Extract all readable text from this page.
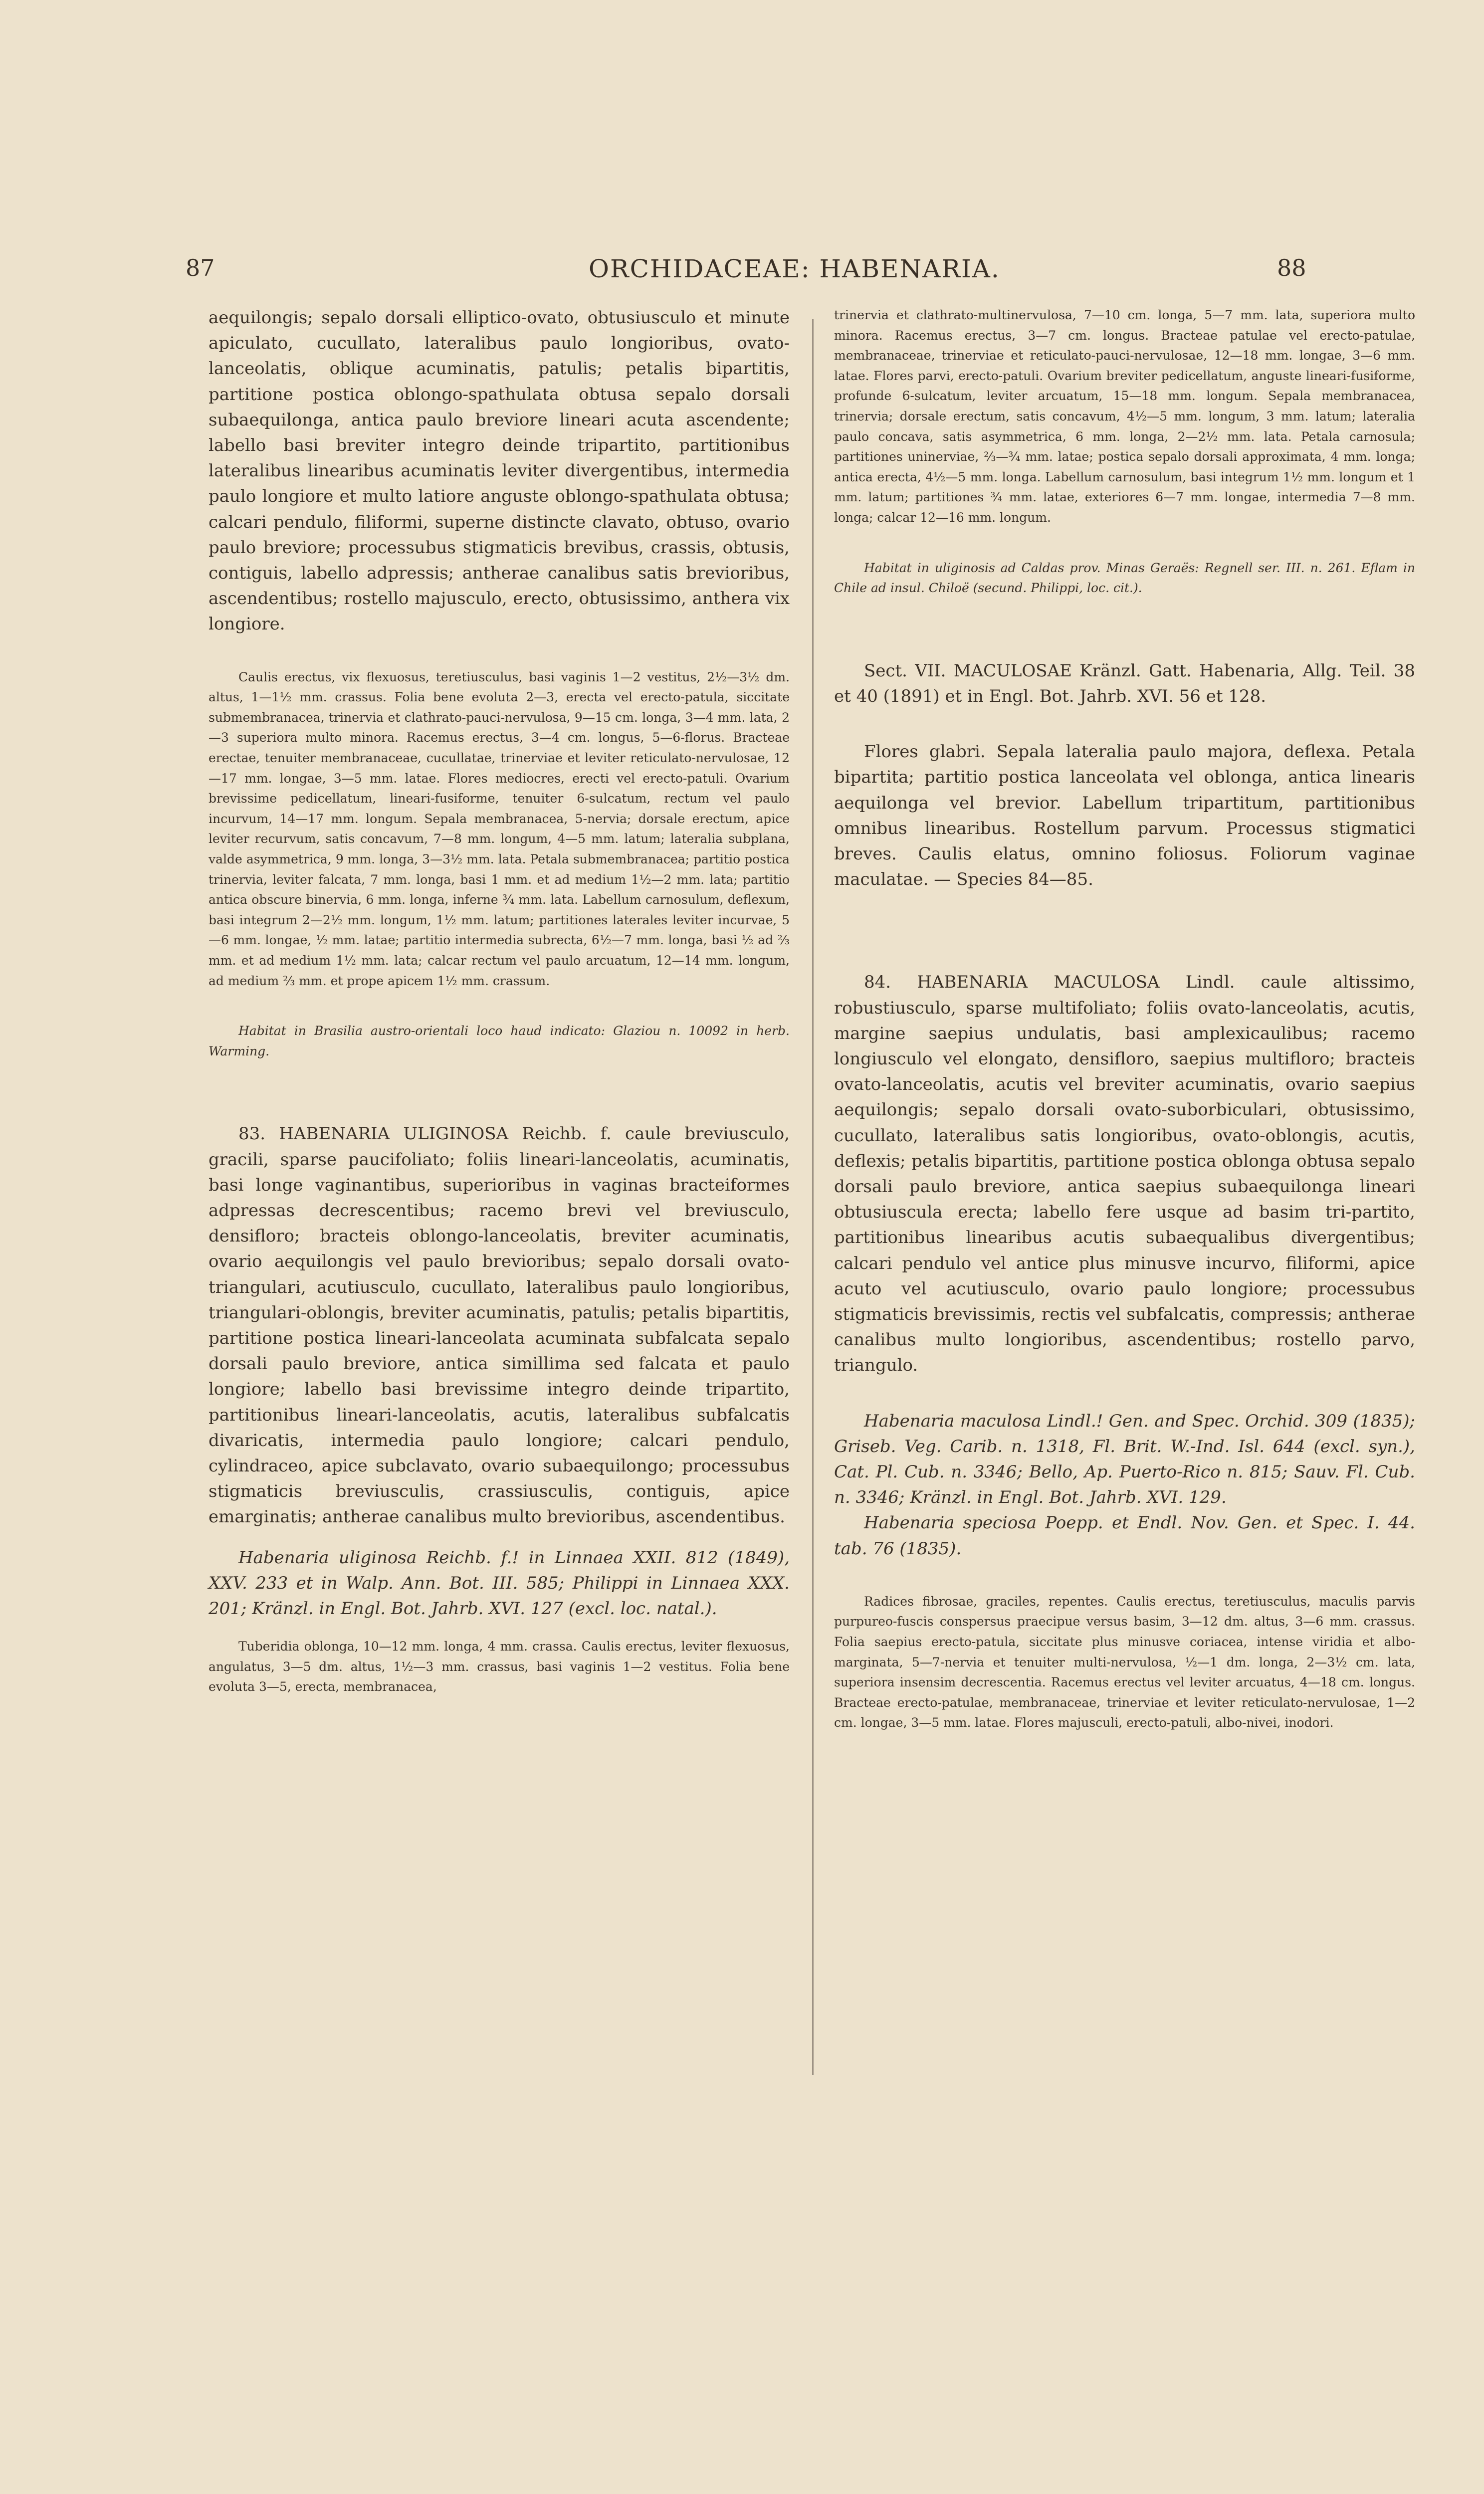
87	ORCHIDACEAE: HABENARIA.	88

aequilongis; sepalo dorsali elliptico-ovato, obtusiusculo et minute apiculato, cucullato, lateralibus paulo longioribus, ovato-lanceolatis, oblique acuminatis, patulis; petalis bipartitis, partitione postica oblongo-spathulata obtusa sepalo dorsali subaequilonga, antica paulo breviore lineari acuta ascendente; labello basi breviter integro deinde tripartito, partitionibus lateralibus linearibus acuminatis leviter divergentibus, intermedia paulo longiore et multo latiore anguste oblongo-spathulata obtusa; calcari pendulo, filiformi, superne distincte clavato, obtuso, ovario paulo breviore; processubus stigmaticis brevibus, crassis, obtusis, contiguis, labello adpressis; antherae canalibus satis brevioribus, ascendentibus; rostello majusculo, erecto, obtusissimo, anthera vix longiore.

Caulis erectus, vix flexuosus, teretiusculus, basi vaginis 1—2 vestitus, 2½—3½ dm. altus, 1—1½ mm. crassus. Folia bene evoluta 2—3, erecta vel erecto-patula, siccitate submembranacea, trinervia et clathrato-pauci-nervulosa, 9—15 cm. longa, 3—4 mm. lata, 2—3 superiora multo minora. Racemus erectus, 3—4 cm. longus, 5—6-florus. Bracteae erectae, tenuiter membranaceae, cucullatae, trinerviae et leviter reticulato-nervulosae, 12—17 mm. longae, 3—5 mm. latae. Flores mediocres, erecti vel erecto-patuli. Ovarium brevissime pedicellatum, lineari-fusiforme, tenuiter 6-sulcatum, rectum vel paulo incurvum, 14—17 mm. longum. Sepala membranacea, 5-nervia; dorsale erectum, apice leviter recurvum, satis concavum, 7—8 mm. longum, 4—5 mm. latum; lateralia subplana, valde asymmetrica, 9 mm. longa, 3—3½ mm. lata. Petala submembranacea; partitio postica trinervia, leviter falcata, 7 mm. longa, basi 1 mm. et ad medium 1½—2 mm. lata; partitio antica obscure binervia, 6 mm. longa, inferne ¾ mm. lata. Labellum carnosulum, deflexum, basi integrum 2—2½ mm. longum, 1½ mm. latum; partitiones laterales leviter incurvae, 5—6 mm. longae, ½ mm. latae; partitio intermedia subrecta, 6½—7 mm. longa, basi ½ ad ⅔ mm. et ad medium 1½ mm. lata; calcar rectum vel paulo arcuatum, 12—14 mm. longum, ad medium ⅔ mm. et prope apicem 1½ mm. crassum.

Habitat in Brasilia austro-orientali loco haud indicato: Glaziou n. 10092 in herb. Warming.

83. HABENARIA ULIGINOSA Reichb. f. caule breviusculo, gracili, sparse paucifoliato; foliis lineari-lanceolatis, acuminatis, basi longe vaginantibus, superioribus in vaginas bracteiformes adpressas decrescentibus; racemo brevi vel breviusculo, densifloro; bracteis oblongo-lanceolatis, breviter acuminatis, ovario aequilongis vel paulo brevioribus; sepalo dorsali ovato-triangulari, acutiusculo, cucullato, lateralibus paulo longioribus, triangulari-oblongis, breviter acuminatis, patulis; petalis bipartitis, partitione postica lineari-lanceolata acuminata subfalcata sepalo dorsali paulo breviore, antica simillima sed falcata et paulo longiore; labello basi brevissime integro deinde tripartito, partitionibus lineari-lanceolatis, acutis, lateralibus subfalcatis divaricatis, intermedia paulo longiore; calcari pendulo, cylindraceo, apice subclavato, ovario subaequilongo; processubus stigmaticis breviusculis, crassiusculis, contiguis, apice emarginatis; antherae canalibus multo brevioribus, ascendentibus.

Habenaria uliginosa Reichb. f.! in Linnaea XXII. 812 (1849), XXV. 233 et in Walp. Ann. Bot. III. 585; Philippi in Linnaea XXX. 201; Kränzl. in Engl. Bot. Jahrb. XVI. 127 (excl. loc. natal.).

Tuberidia oblonga, 10—12 mm. longa, 4 mm. crassa. Caulis erectus, leviter flexuosus, angulatus, 3—5 dm. altus, 1½—3 mm. crassus, basi vaginis 1—2 vestitus. Folia bene evoluta 3—5, erecta, membranacea,

trinervia et clathrato-multinervulosa, 7—10 cm. longa, 5—7 mm. lata, superiora multo minora. Racemus erectus, 3—7 cm. longus. Bracteae patulae vel erecto-patulae, membranaceae, trinerviae et reticulato-pauci-nervulosae, 12—18 mm. longae, 3—6 mm. latae. Flores parvi, erecto-patuli. Ovarium breviter pedicellatum, anguste lineari-fusiforme, profunde 6-sulcatum, leviter arcuatum, 15—18 mm. longum. Sepala membranacea, trinervia; dorsale erectum, satis concavum, 4½—5 mm. longum, 3 mm. latum; lateralia paulo concava, satis asymmetrica, 6 mm. longa, 2—2½ mm. lata. Petala carnosula; partitiones uninerviae, ⅔—¾ mm. latae; postica sepalo dorsali approximata, 4 mm. longa; antica erecta, 4½—5 mm. longa. Labellum carnosulum, basi integrum 1½ mm. longum et 1 mm. latum; partitiones ¾ mm. latae, exteriores 6—7 mm. longae, intermedia 7—8 mm. longa; calcar 12—16 mm. longum.

Habitat in uliginosis ad Caldas prov. Minas Geraës: Regnell ser. III. n. 261. Eflam in Chile ad insul. Chiloë (secund. Philippi, loc. cit.).

Sect. VII. MACULOSAE Kränzl. Gatt. Habenaria, Allg. Teil. 38 et 40 (1891) et in Engl. Bot. Jahrb. XVI. 56 et 128.

Flores glabri. Sepala lateralia paulo majora, deflexa. Petala bipartita; partitio postica lanceolata vel oblonga, antica linearis aequilonga vel brevior. Labellum tripartitum, partitionibus omnibus linearibus. Rostellum parvum. Processus stigmatici breves. Caulis elatus, omnino foliosus. Foliorum vaginae maculatae. — Species 84—85.

84. HABENARIA MACULOSA Lindl. caule altissimo, robustiusculo, sparse multifoliato; foliis ovato-lanceolatis, acutis, margine saepius undulatis, basi amplexicaulibus; racemo longiusculo vel elongato, densifloro, saepius multifloro; bracteis ovato-lanceolatis, acutis vel breviter acuminatis, ovario saepius aequilongis; sepalo dorsali ovato-suborbiculari, obtusissimo, cucullato, lateralibus satis longioribus, ovato-oblongis, acutis, deflexis; petalis bipartitis, partitione postica oblonga obtusa sepalo dorsali paulo breviore, antica saepius subaequilonga lineari obtusiuscula erecta; labello fere usque ad basim tri-partito, partitionibus linearibus acutis subaequalibus divergentibus; calcari pendulo vel antice plus minusve incurvo, filiformi, apice acuto vel acutiusculo, ovario paulo longiore; processubus stigmaticis brevissimis, rectis vel subfalcatis, compressis; antherae canalibus multo longioribus, ascendentibus; rostello parvo, triangulo.

Habenaria maculosa Lindl.! Gen. and Spec. Orchid. 309 (1835); Griseb. Veg. Carib. n. 1318, Fl. Brit. W.-Ind. Isl. 644 (excl. syn.), Cat. Pl. Cub. n. 3346; Bello, Ap. Puerto-Rico n. 815; Sauv. Fl. Cub. n. 3346; Kränzl. in Engl. Bot. Jahrb. XVI. 129.

Habenaria speciosa Poepp. et Endl. Nov. Gen. et Spec. I. 44. tab. 76 (1835).

Radices fibrosae, graciles, repentes. Caulis erectus, teretiusculus, maculis parvis purpureo-fuscis conspersus praecipue versus basim, 3—12 dm. altus, 3—6 mm. crassus. Folia saepius erecto-patula, siccitate plus minusve coriacea, intense viridia et albo-marginata, 5—7-nervia et tenuiter multi-nervulosa, ½—1 dm. longa, 2—3½ cm. lata, superiora insensim decrescentia. Racemus erectus vel leviter arcuatus, 4—18 cm. longus. Bracteae erecto-patulae, membranaceae, trinerviae et leviter reticulato-nervulosae, 1—2 cm. longae, 3—5 mm. latae. Flores majusculi, erecto-patuli, albo-nivei, inodori.
